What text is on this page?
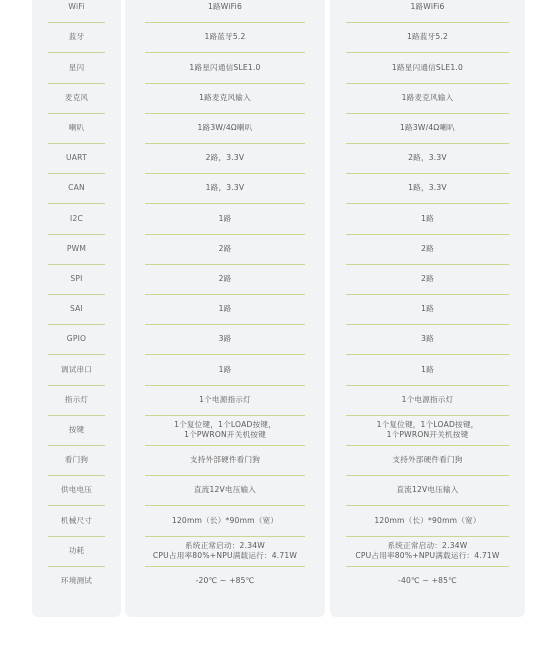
WiFi
蓝牙
星闪
麦克风
喇叭
UART
CAN
I2C
PWM
SPI
SAI
GPIO
调试串口
指示灯
按键
看门狗
供电电压
机械尺寸
功耗
环境测试
1路WiFi6
1路蓝牙5.2
1路星闪通信SLE1.0
1路麦克风输入
1路3W/4Ω喇叭
2路，3.3V
1路，3.3V
1路
2路
2路
1路
3路
1路
1个电源指示灯
1个复位键，1个LOAD按键，
1个PWRON开关机按键
支持外部硬件看门狗
直流12V电压输入
120mm（长）*90mm（宽）
系统正常启动：2.34W
CPU占用率80%+NPU满载运行：4.71W
-20℃ ~ +85℃
1路WiFi6
1路蓝牙5.2
1路星闪通信SLE1.0
1路麦克风输入
1路3W/4Ω喇叭
2路，3.3V
1路，3.3V
1路
2路
2路
1路
3路
1路
1个电源指示灯
1个复位键，1个LOAD按键，
1个PWRON开关机按键
支持外部硬件看门狗
直流12V电压输入
120mm（长）*90mm（宽）
系统正常启动：2.34W
CPU占用率80%+NPU满载运行：4.71W
-40℃ ~ +85℃
